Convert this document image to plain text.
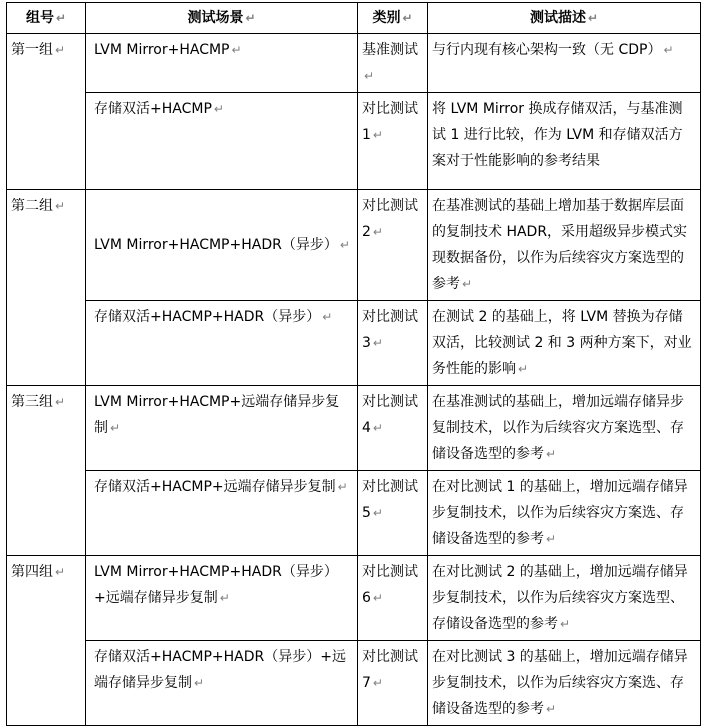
组号 ↵	测试场景 ↵	类别 ↵	测试描述 ↵
第一组 ↵	LVM Mirror+HACMP ↵	基准测试↵	与行内现有核心架构一致（无 CDP） ↵
	存储双活+HACMP ↵	对比测试 1 ↵	将 LVM Mirror 换成存储双活，与基准测试 1 进行比较，作为 LVM 和存储双活方案对于性能影响的参考结果
第二组 ↵	LVM Mirror+HACMP+HADR（异步） ↵	对比测试 2 ↵	在基准测试的基础上增加基于数据库层面的复制技术 HADR，采用超级异步模式实现数据备份，以作为后续容灾方案选型的参考 ↵
	存储双活+HACMP+HADR（异步） ↵	对比测试 3 ↵	在测试 2 的基础上，将 LVM 替换为存储双活，比较测试 2 和 3 两种方案下，对业务性能的影响 ↵
第三组 ↵	LVM Mirror+HACMP+远端存储异步复制 ↵	对比测试 4 ↵	在基准测试的基础上，增加远端存储异步复制技术，以作为后续容灾方案选型、存储设备选型的参考 ↵
	存储双活+HACMP+远端存储异步复制 ↵	对比测试 5 ↵	在对比测试 1 的基础上，增加远端存储异步复制技术，以作为后续容灾方案选、存储设备选型的参考 ↵
第四组 ↵	LVM Mirror+HACMP+HADR（异步）+远端存储异步复制 ↵	对比测试 6 ↵	在对比测试 2 的基础上，增加远端存储异步复制技术，以作为后续容灾方案选型、存储设备选型的参考 ↵
	存储双活+HACMP+HADR（异步）+远端存储异步复制 ↵	对比测试 7 ↵	在对比测试 3 的基础上，增加远端存储异步复制技术，以作为后续容灾方案选、存储设备选型的参考 ↵
